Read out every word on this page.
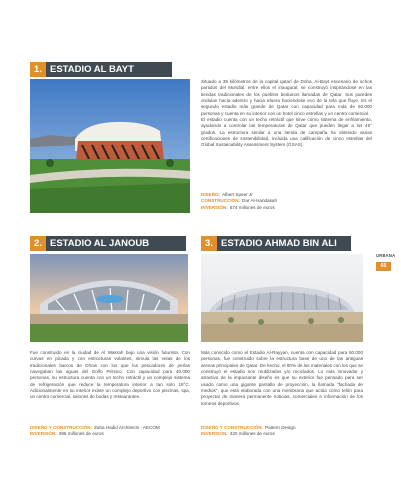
1. ESTADIO AL BAYT

Situado a 35 kilómetros de la capital qatarí de Doha, Al-Bayt escenario de ochos partidos del Mundial, entre ellos el inaugural, se construyó inspirándose en las tiendas tradicionales de los pueblos beduinos llamadas de Qatar. Sus paredes ondulan hacia adentro y hacia afuera haciéndose eco de la tela que fluye. Es el segundo estadio más grande de Qatar con capacidad para más de 60.000 personas y cuenta en su interior con un hotel cinco estrellas y un centro comercial.

El estadio cuenta con un techo retráctil que sirve como sistema de enfriamiento, ayudando a controlar las temperaturas de Qatar que pueden llegar a los 45° grados. La estructura similar a una tienda de campaña ha obtenido varias certificaciones de sostenibilidad, incluida una calificación de cinco estrellas del Global Sustainability Assessment System (GSAS).

DISEÑO: Albert Speer Jr
CONSTRUCCIÓN: Dar Al-Handasah
INVERSIÓN: 674 millones de euros
2. ESTADIO AL JANOUB
Fue construido en la ciudad de Al Wakrah bajo una visión futurista. Con curvas en picada y con estructuras volantes, simula las velas de los tradicionales barcos de Dhow con los que los pescadores de perlas navegaban las aguas del Golfo Pérsico. Con capacidad para 40.000 personas, su estructura cuenta con un techo retráctil y un complejo sistema de refrigeración que reduce la temperatura interior a tan solo 18°C. Adicionalmente en su interior existe un complejo deportivo con piscinas, spa, un centro comercial, salones de bodas y restaurantes.
DISEÑO Y CONSTRUCCIÓN: Zaha Hadid Architects - AECOM
INVERSIÓN: 286 millones de euros
3. ESTADIO AHMAD BIN ALI
Más conocido como el Estadio Al-Rayyan, cuenta con capacidad para 60.000 personas, fue construido sobre la estructura base de uno de las antiguas arenas principales de Qatar. De hecho, el 80% de los materiales con los que se construyó el estadio son reutilizados y/o reciclados. Lo más innovador y atractivo de la impactante diseño es que su exterior fue pensado para ser usado como una gigante pantalla de proyección, la llamada "fachada de medios", que está elaborada con una membrana que actúa como telón para proyectar de manera permanente noticias, comerciales e información de los torneos deportivos.
DISEÑO Y CONSTRUCCIÓN: Pattern Design
INVERSIÓN: 420 millones de euros
URBANA
65
